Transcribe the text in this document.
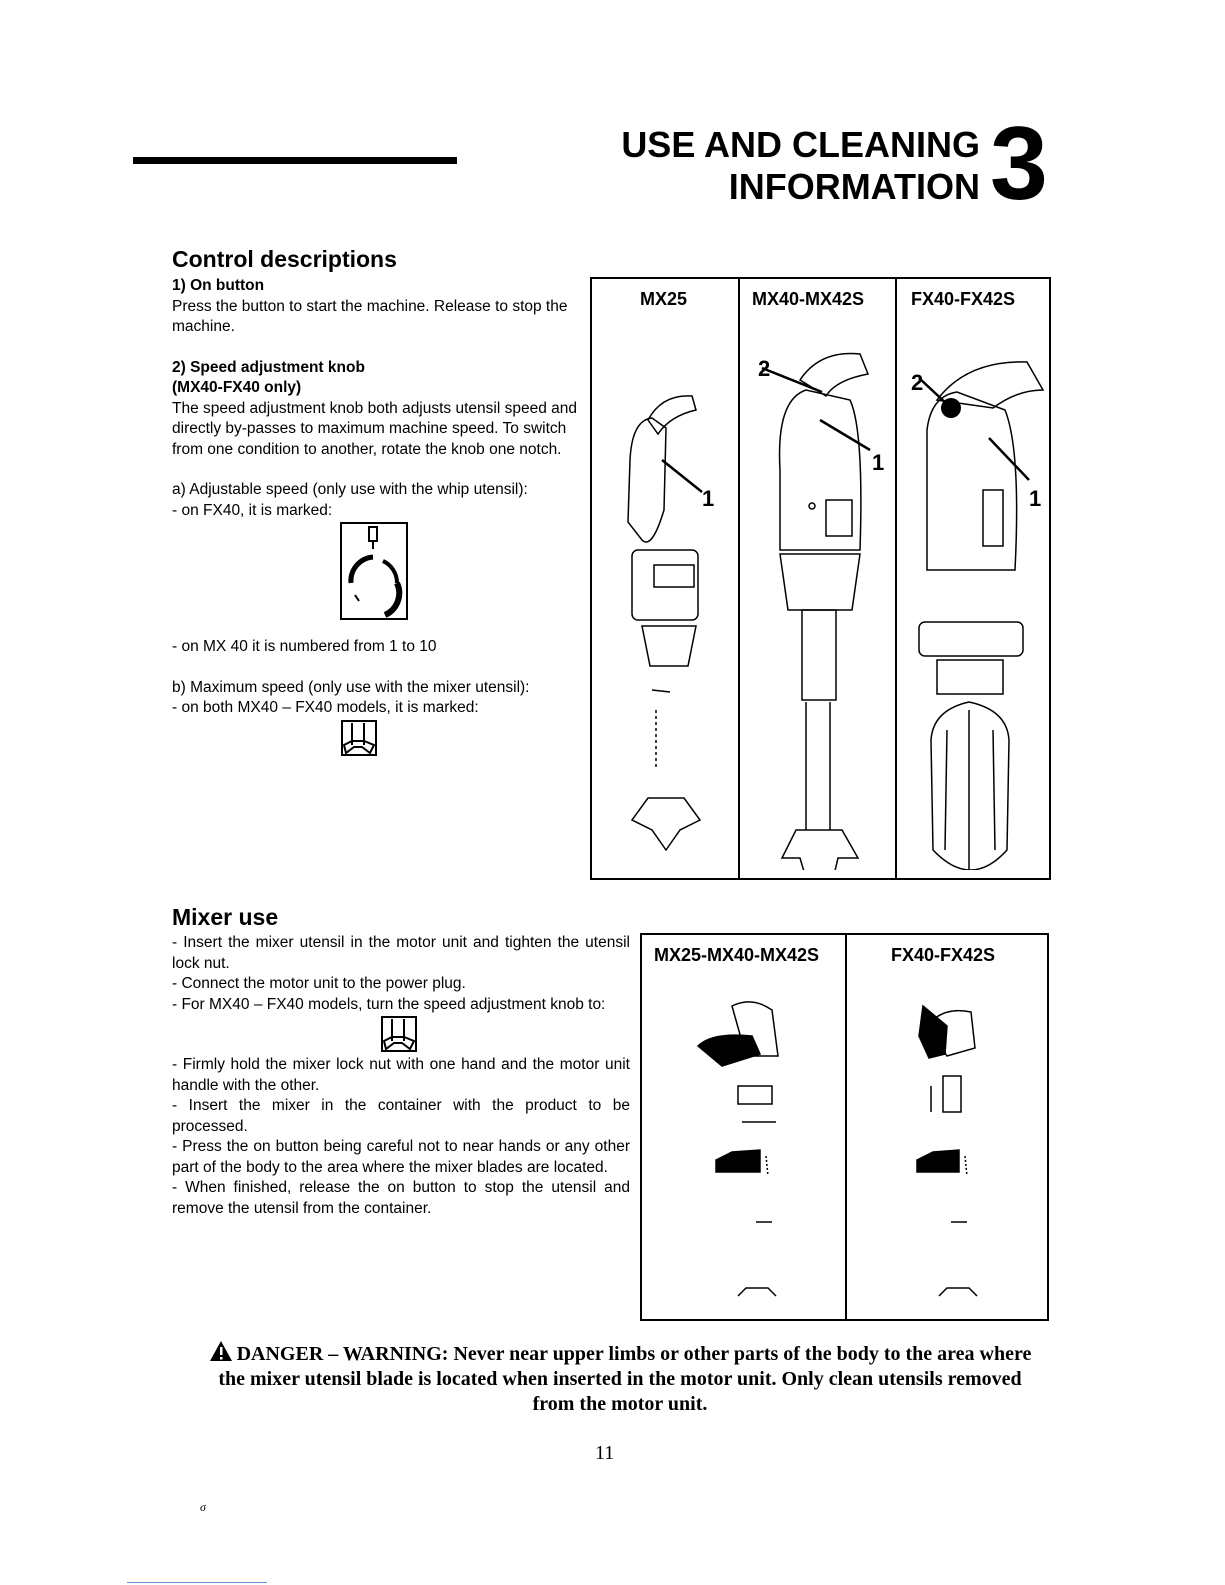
USE AND CLEANING
INFORMATION 3
Control descriptions

1) On button

Press the button to start the machine. Release to stop the machine.

2) Speed adjustment knob

(MX40-FX40 only)

The speed adjustment knob both adjusts utensil speed and directly by-passes to maximum machine speed. To switch from one condition to another, rotate the knob one notch.

a) Adjustable speed (only use with the whip utensil):

- on FX40, it is marked:

- on MX 40 it is numbered from 1 to 10

b) Maximum speed (only use with the mixer utensil):

- on both MX40 – FX40 models, it is marked:

MX25
1

MX40-MX42S
2
1

FX40-FX42S
2
1
Mixer use

- Insert the mixer utensil in the motor unit and tighten the utensil lock nut.

- Connect the motor unit to the power plug.

- For MX40 – FX40 models, turn the speed adjustment knob to:

- Firmly hold the mixer lock nut with one hand and the motor unit handle with the other.

- Insert the mixer in the container with the product to be processed.

- Press the on button being careful not to near hands or any other part of the body to the area where the mixer blades are located.

- When finished, release the on button to stop the utensil and remove the utensil from the container.

MX25-MX40-MX42S	FX40-FX42S
DANGER – WARNING: Never near upper limbs or other parts of the body to the area where the mixer utensil blade is located when inserted in the motor unit. Only clean utensils removed from the motor unit.
11
σ
